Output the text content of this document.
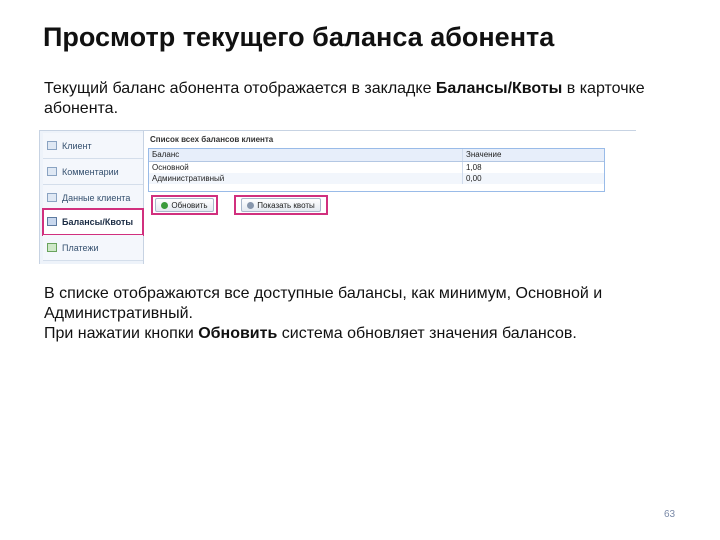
Просмотр текущего баланса абонента

Текущий баланс абонента отображается в закладке Балансы/Квоты в карточке абонента.

Клиент
Комментарии
Данные клиента
Балансы/Квоты
Платежи
Список всех балансов клиента
Баланс	Значение
Основной	1,08
Административный	0,00
Обновить	Показать квоты
В списке отображаются все доступные балансы, как минимум, Основной и Административный.
При нажатии кнопки Обновить система обновляет значения балансов.
63
